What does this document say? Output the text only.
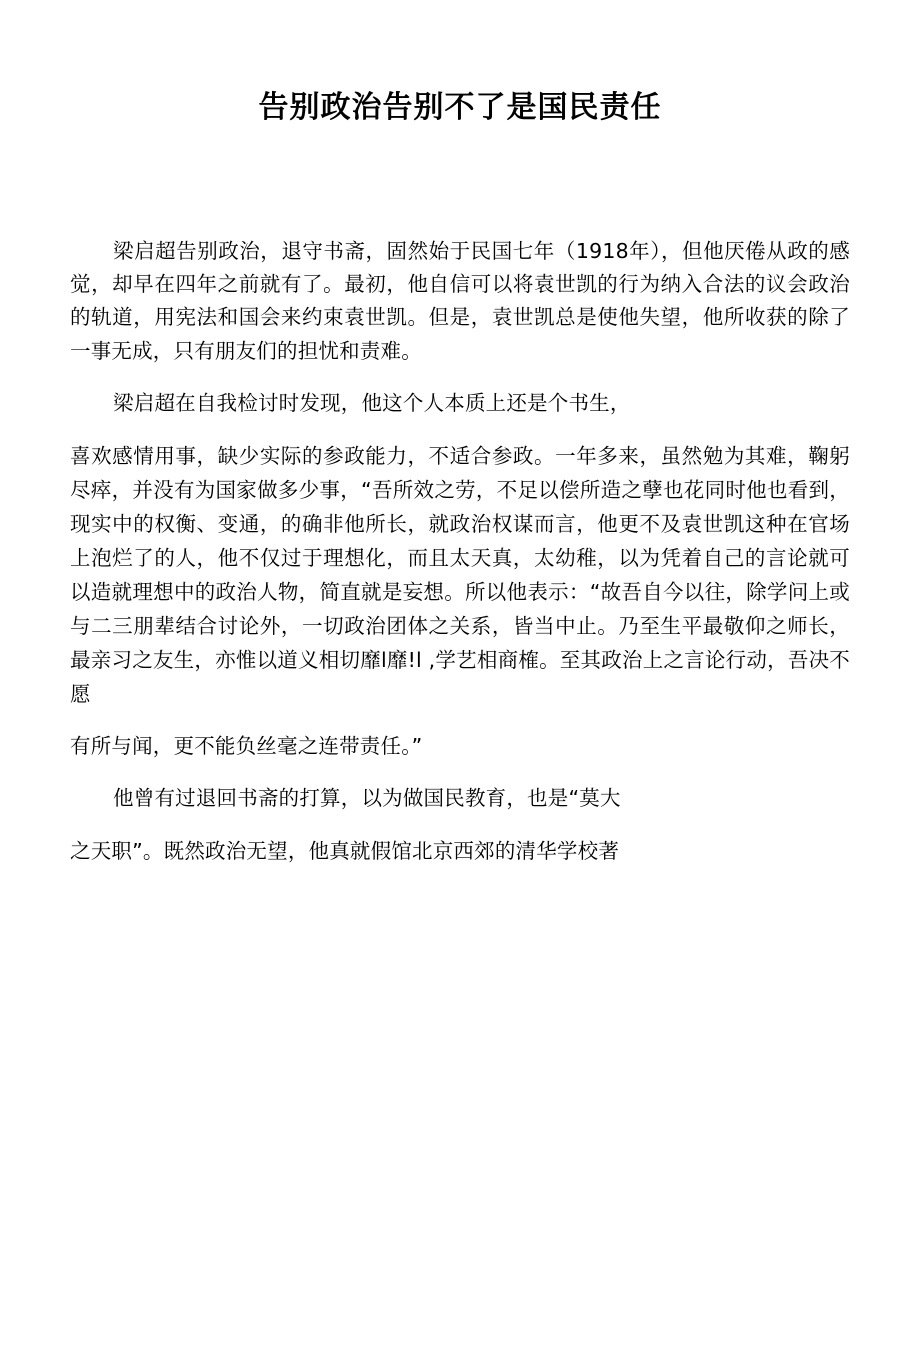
告别政治告别不了是国民责任

梁启超告别政治，退守书斋，固然始于民国七年（1918年），但他厌倦从政的感觉，却早在四年之前就有了。最初，他自信可以将袁世凯的行为纳入合法的议会政治的轨道，用宪法和国会来约束袁世凯。但是，袁世凯总是使他失望，他所收获的除了一事无成，只有朋友们的担忧和责难。

梁启超在自我检讨时发现，他这个人本质上还是个书生，

喜欢感情用事，缺少实际的参政能力，不适合参政。一年多来，虽然勉为其难，鞠躬尽瘁，并没有为国家做多少事，“吾所效之劳，不足以偿所造之孽也花同时他也看到，现实中的权衡、变通，的确非他所长，就政治权谋而言，他更不及袁世凯这种在官场上泡烂了的人，他不仅过于理想化，而且太天真，太幼稚，以为凭着自己的言论就可以造就理想中的政治人物，简直就是妄想。所以他表示：“故吾自今以往，除学问上或与二三朋辈结合讨论外，一切政治团体之关系，皆当中止。乃至生平最敬仰之师长，最亲习之友生，亦惟以道义相切靡l靡!l ,学艺相商榷。至其政治上之言论行动，吾决不愿

有所与闻，更不能负丝毫之连带责任。”

他曾有过退回书斋的打算，以为做国民教育，也是“莫大

之天职”。既然政治无望，他真就假馆北京西郊的清华学校著
